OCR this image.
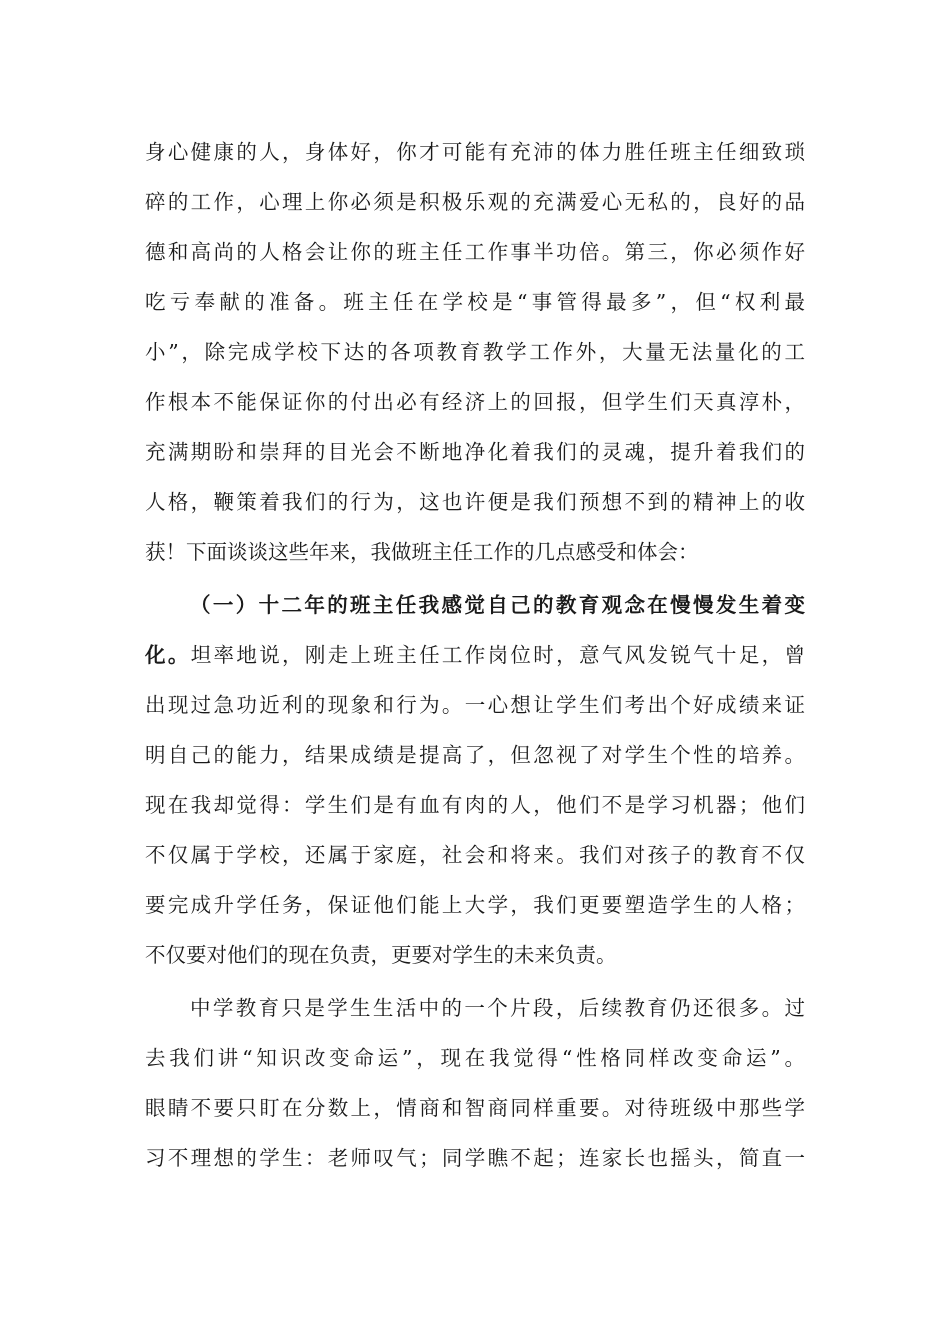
身心健康的人，身体好，你才可能有充沛的体力胜任班主任细致琐
碎的工作，心理上你必须是积极乐观的充满爱心无私的，良好的品
德和高尚的人格会让你的班主任工作事半功倍。第三，你必须作好
吃亏奉献的准备。班主任在学校是“事管得最多”，但“权利最
小”，除完成学校下达的各项教育教学工作外，大量无法量化的工
作根本不能保证你的付出必有经济上的回报，但学生们天真淳朴，
充满期盼和崇拜的目光会不断地净化着我们的灵魂，提升着我们的
人格，鞭策着我们的行为，这也许便是我们预想不到的精神上的收
获！下面谈谈这些年来，我做班主任工作的几点感受和体会：
（一）十二年的班主任我感觉自己的教育观念在慢慢发生着变
化。坦率地说，刚走上班主任工作岗位时，意气风发锐气十足，曾
出现过急功近利的现象和行为。一心想让学生们考出个好成绩来证
明自己的能力，结果成绩是提高了，但忽视了对学生个性的培养。
现在我却觉得：学生们是有血有肉的人，他们不是学习机器；他们
不仅属于学校，还属于家庭，社会和将来。我们对孩子的教育不仅
要完成升学任务，保证他们能上大学，我们更要塑造学生的人格；
不仅要对他们的现在负责，更要对学生的未来负责。
中学教育只是学生生活中的一个片段，后续教育仍还很多。过
去我们讲“知识改变命运”，现在我觉得“性格同样改变命运”。
眼睛不要只盯在分数上，情商和智商同样重要。对待班级中那些学
习不理想的学生：老师叹气；同学瞧不起；连家长也摇头，简直一
